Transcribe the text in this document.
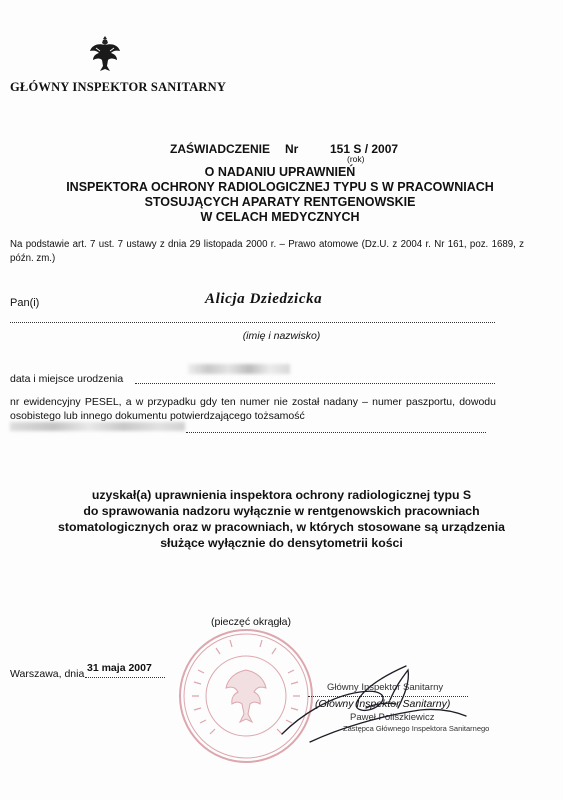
GŁÓWNY INSPEKTOR SANITARNY
ZAŚWIADCZENIE Nr	151 S / 2007
(rok)
O NADANIU UPRAWNIEŃ
INSPEKTORA OCHRONY RADIOLOGICZNEJ TYPU S W PRACOWNIACH
STOSUJĄCYCH APARATY RENTGENOWSKIE
W CELACH MEDYCZNYCH
Na podstawie art. 7 ust. 7 ustawy z dnia 29 listopada 2000 r. – Prawo atomowe (Dz.U. z 2004 r. Nr 161, poz. 1689, z późn. zm.)
Pan(i)	Alicja Dziedzicka
(imię i nazwisko)
data i miejsce urodzenia
nr ewidencyjny PESEL, a w przypadku gdy ten numer nie został nadany – numer paszportu, dowodu osobistego lub innego dokumentu potwierdzającego tożsamość
uzyskał(a) uprawnienia inspektora ochrony radiologicznej typu S
do sprawowania nadzoru wyłącznie w rentgenowskich pracowniach
stomatologicznych oraz w pracowniach, w których stosowane są urządzenia
służące wyłącznie do densytometrii kości
(pieczęć okrągła)
Warszawa, dnia 31 maja 2007
Główny Inspektor Sanitarny
(Główny Inspektor Sanitarny)
Paweł Poliszkiewicz
Zastępca Głównego Inspektora Sanitarnego
